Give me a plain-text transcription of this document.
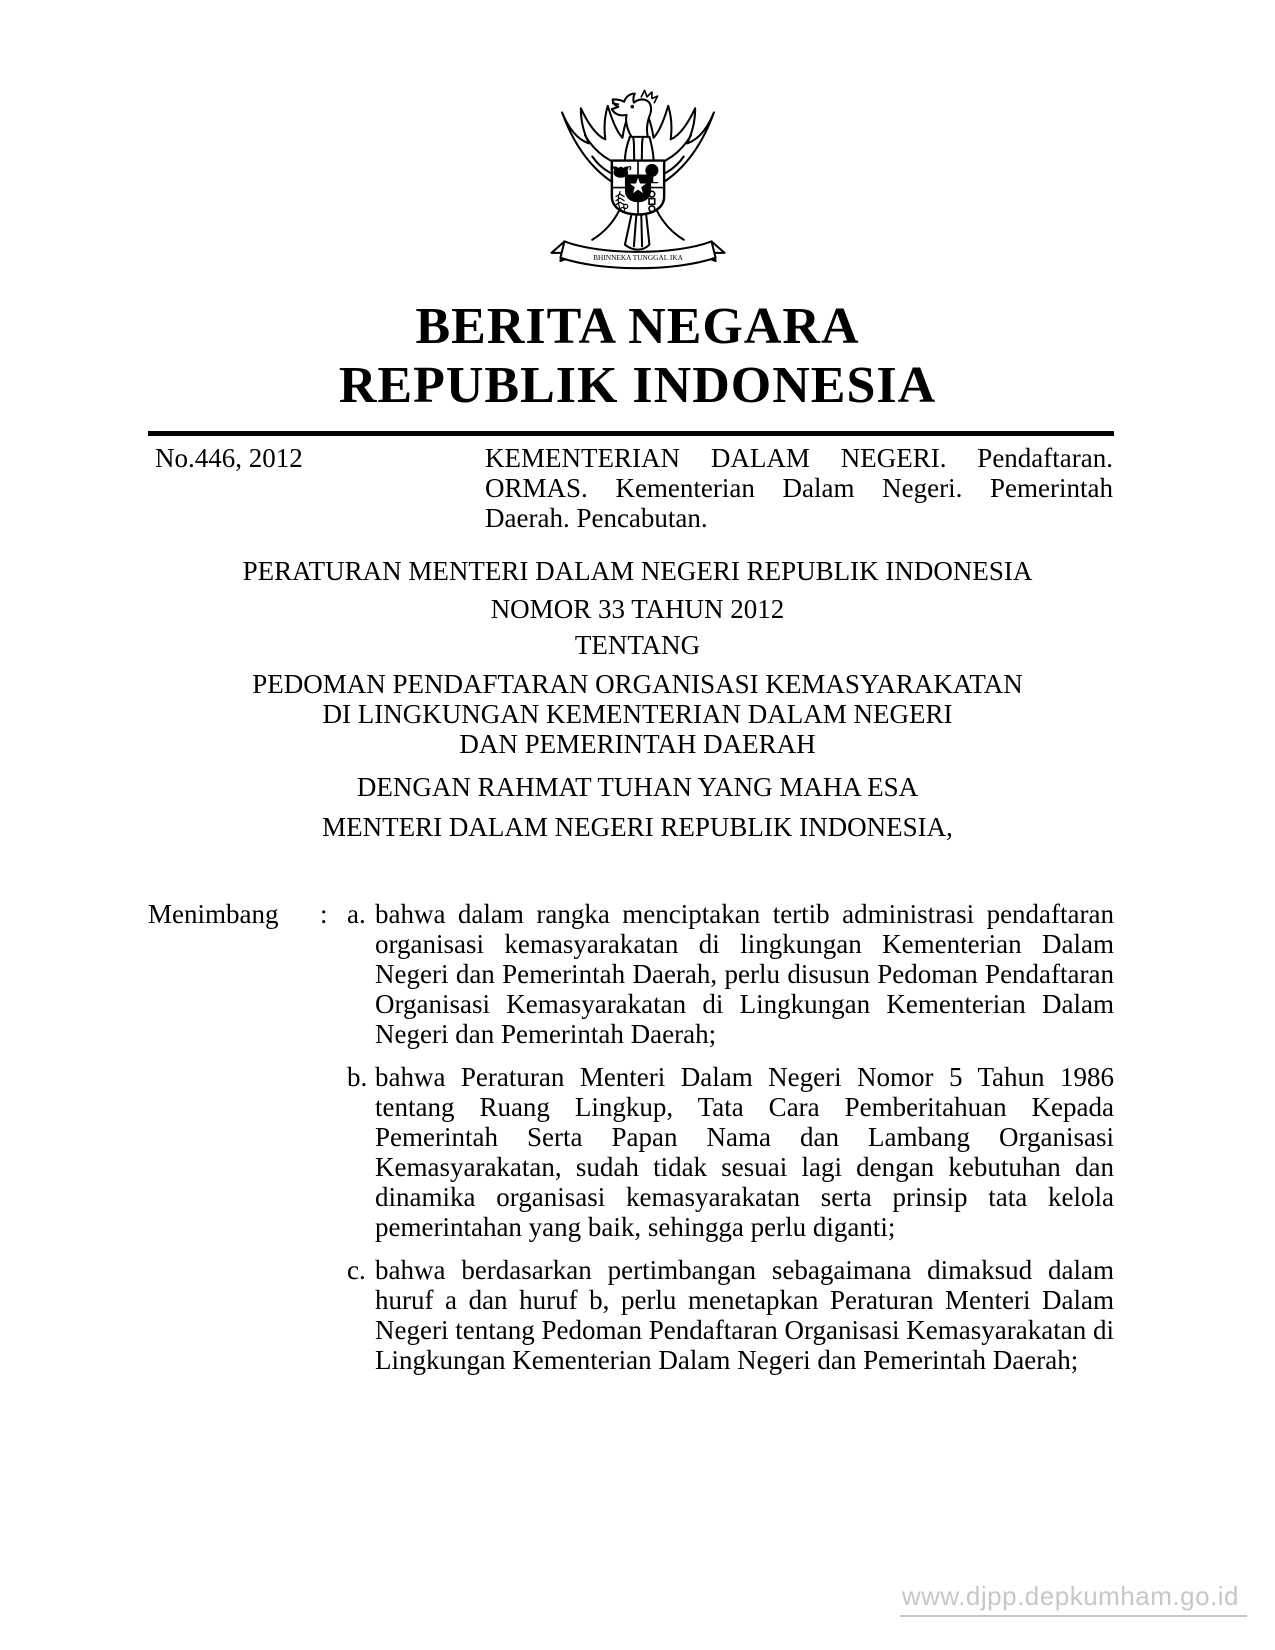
BHINNEKA TUNGGAL IKA
BERITA NEGARA
REPUBLIK INDONESIA
No.446, 2012	KEMENTERIAN DALAM NEGERI. Pendaftaran. ORMAS. Kementerian Dalam Negeri. Pemerintah Daerah. Pencabutan.
PERATURAN MENTERI DALAM NEGERI REPUBLIK INDONESIA
NOMOR 33 TAHUN 2012
TENTANG
PEDOMAN PENDAFTARAN ORGANISASI KEMASYARAKATAN
DI LINGKUNGAN KEMENTERIAN DALAM NEGERI
DAN PEMERINTAH DAERAH
DENGAN RAHMAT TUHAN YANG MAHA ESA
MENTERI DALAM NEGERI REPUBLIK INDONESIA,
Menimbang	: a. bahwa dalam rangka menciptakan tertib administrasi pendaftaran organisasi kemasyarakatan di lingkungan Kementerian Dalam Negeri dan Pemerintah Daerah, perlu disusun Pedoman Pendaftaran Organisasi Kemasyarakatan di Lingkungan Kementerian Dalam Negeri dan Pemerintah Daerah;

b. bahwa Peraturan Menteri Dalam Negeri Nomor 5 Tahun 1986 tentang Ruang Lingkup, Tata Cara Pemberitahuan Kepada Pemerintah Serta Papan Nama dan Lambang Organisasi Kemasyarakatan, sudah tidak sesuai lagi dengan kebutuhan dan dinamika organisasi kemasyarakatan serta prinsip tata kelola pemerintahan yang baik, sehingga perlu diganti;

c. bahwa berdasarkan pertimbangan sebagaimana dimaksud dalam huruf a dan huruf b, perlu menetapkan Peraturan Menteri Dalam Negeri tentang Pedoman Pendaftaran Organisasi Kemasyarakatan di Lingkungan Kementerian Dalam Negeri dan Pemerintah Daerah;

www.djpp.depkumham.go.id
